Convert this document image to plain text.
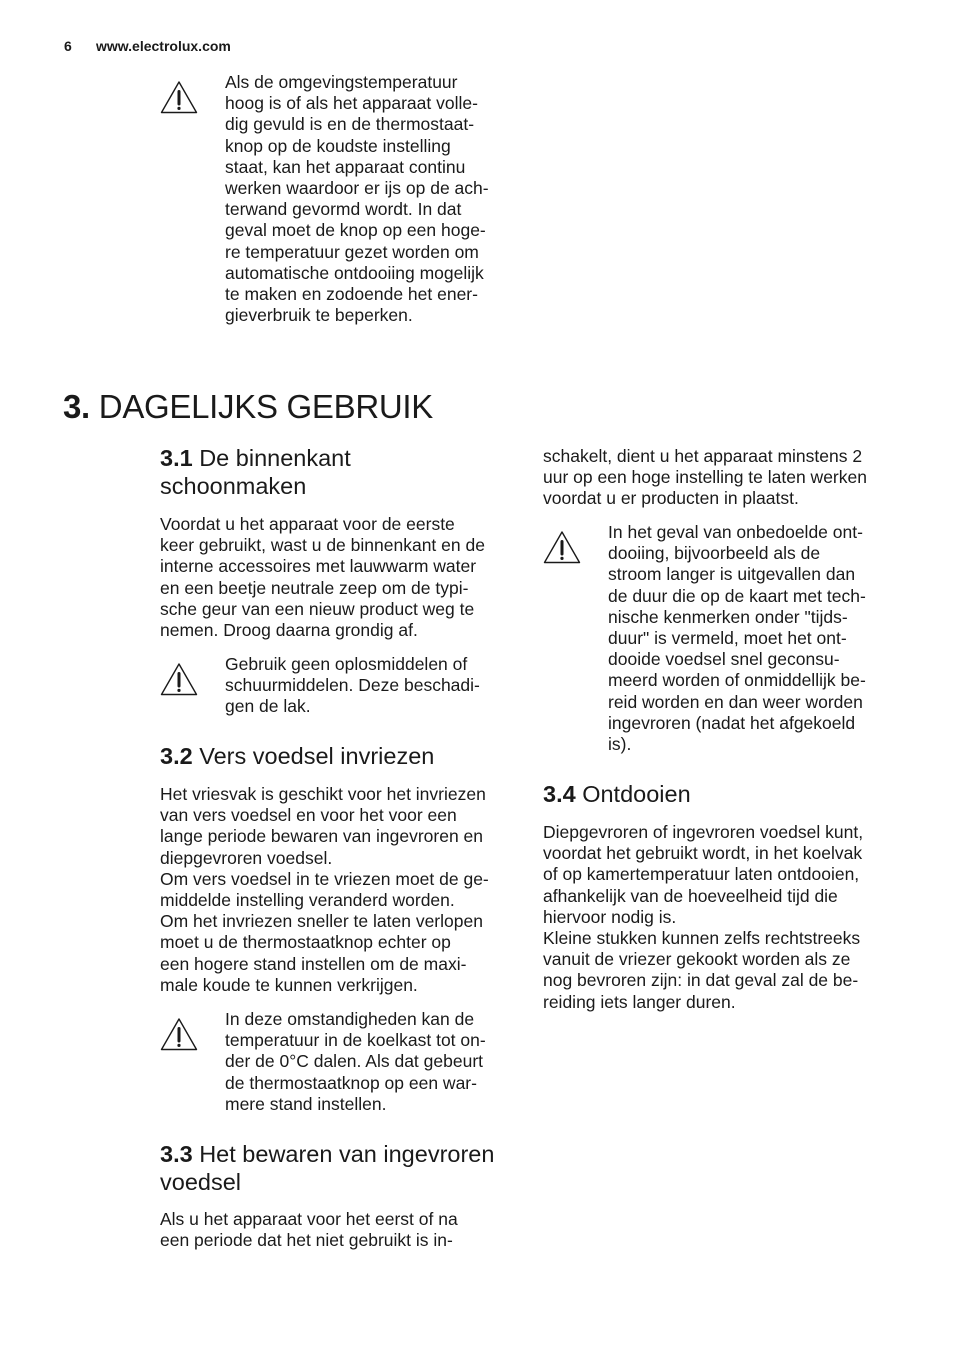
6 www.electrolux.com
Als de omgevingstemperatuur
hoog is of als het apparaat volle-
dig gevuld is en de thermostaat-
knop op de koudste instelling
staat, kan het apparaat continu
werken waardoor er ijs op de ach-
terwand gevormd wordt. In dat
geval moet de knop op een hoge-
re temperatuur gezet worden om
automatische ontdooiing mogelijk
te maken en zodoende het ener-
gieverbruik te beperken.
3. DAGELIJKS GEBRUIK
3.1 De binnenkant
schoonmaken
Voordat u het apparaat voor de eerste
keer gebruikt, wast u de binnenkant en de
interne accessoires met lauwwarm water
en een beetje neutrale zeep om de typi-
sche geur van een nieuw product weg te
nemen. Droog daarna grondig af.
Gebruik geen oplosmiddelen of
schuurmiddelen. Deze beschadi-
gen de lak.
3.2 Vers voedsel invriezen
Het vriesvak is geschikt voor het invriezen
van vers voedsel en voor het voor een
lange periode bewaren van ingevroren en
diepgevroren voedsel.
Om vers voedsel in te vriezen moet de ge-
middelde instelling veranderd worden.
Om het invriezen sneller te laten verlopen
moet u de thermostaatknop echter op
een hogere stand instellen om de maxi-
male koude te kunnen verkrijgen.
In deze omstandigheden kan de
temperatuur in de koelkast tot on-
der de 0°C dalen. Als dat gebeurt
de thermostaatknop op een war-
mere stand instellen.
3.3 Het bewaren van ingevroren
voedsel
Als u het apparaat voor het eerst of na
een periode dat het niet gebruikt is in-
schakelt, dient u het apparaat minstens 2
uur op een hoge instelling te laten werken
voordat u er producten in plaatst.
In het geval van onbedoelde ont-
dooiing, bijvoorbeeld als de
stroom langer is uitgevallen dan
de duur die op de kaart met tech-
nische kenmerken onder "tijds-
duur" is vermeld, moet het ont-
dooide voedsel snel geconsu-
meerd worden of onmiddellijk be-
reid worden en dan weer worden
ingevroren (nadat het afgekoeld
is).
3.4 Ontdooien
Diepgevroren of ingevroren voedsel kunt,
voordat het gebruikt wordt, in het koelvak
of op kamertemperatuur laten ontdooien,
afhankelijk van de hoeveelheid tijd die
hiervoor nodig is.
Kleine stukken kunnen zelfs rechtstreeks
vanuit de vriezer gekookt worden als ze
nog bevroren zijn: in dat geval zal de be-
reiding iets langer duren.
